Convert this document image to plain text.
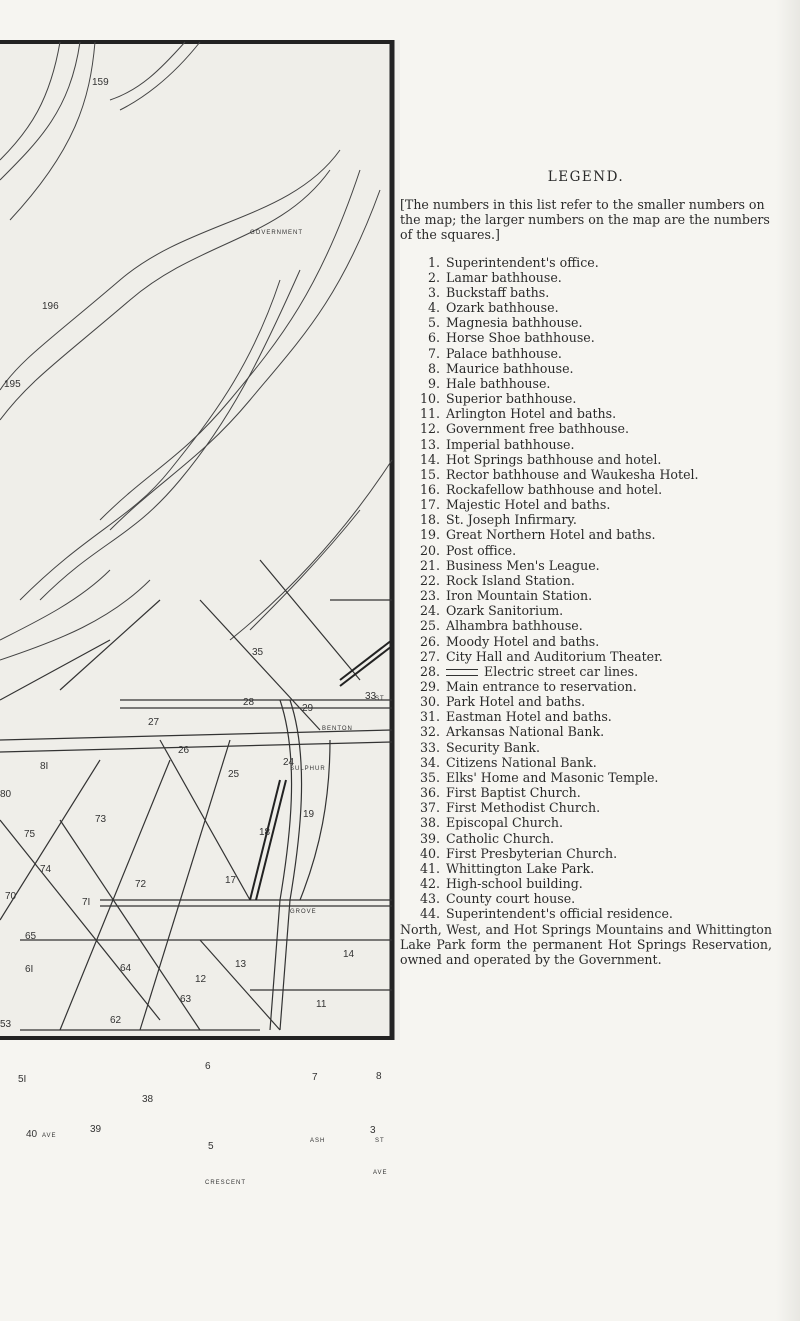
159
196
195
8I
80
75
74
70
65
6I
53
5I
40	39
73
72
7I
64
63
62
38
35
33
29
28
27
26
25
24
19
18
17
14
13
12
11
8
7
6
5
3
BENTON
SULPHUR
GROVE
CRESCENT
ASH
ST
ST
AVE
AVE
GOVERNMENT
LEGEND.

[The numbers in this list refer to the smaller numbers on the map; the larger numbers on the map are the numbers of the squares.]

1. Superintendent's office.
2. Lamar bathhouse.
3. Buckstaff baths.
4. Ozark bathhouse.
5. Magnesia bathhouse.
6. Horse Shoe bathhouse.
7. Palace bathhouse.
8. Maurice bathhouse.
9. Hale bathhouse.
10. Superior bathhouse.
11. Arlington Hotel and baths.
12. Government free bathhouse.
13. Imperial bathhouse.
14. Hot Springs bathhouse and hotel.
15. Rector bathhouse and Waukesha Hotel.
16. Rockafellow bathhouse and hotel.
17. Majestic Hotel and baths.
18. St. Joseph Infirmary.
19. Great Northern Hotel and baths.
20. Post office.
21. Business Men's League.
22. Rock Island Station.
23. Iron Mountain Station.
24. Ozark Sanitorium.
25. Alhambra bathhouse.
26. Moody Hotel and baths.
27. City Hall and Auditorium Theater.
28.	Electric street car lines.
29. Main entrance to reservation.
30. Park Hotel and baths.
31. Eastman Hotel and baths.
32. Arkansas National Bank.
33. Security Bank.
34. Citizens National Bank.
35. Elks' Home and Masonic Temple.
36. First Baptist Church.
37. First Methodist Church.
38. Episcopal Church.
39. Catholic Church.
40. First Presbyterian Church.
41. Whittington Lake Park.
42. High-school building.
43. County court house.
44. Superintendent's official residence.

North, West, and Hot Springs Mountains and Whittington Lake Park form the permanent Hot Springs Reservation, owned and operated by the Government.
